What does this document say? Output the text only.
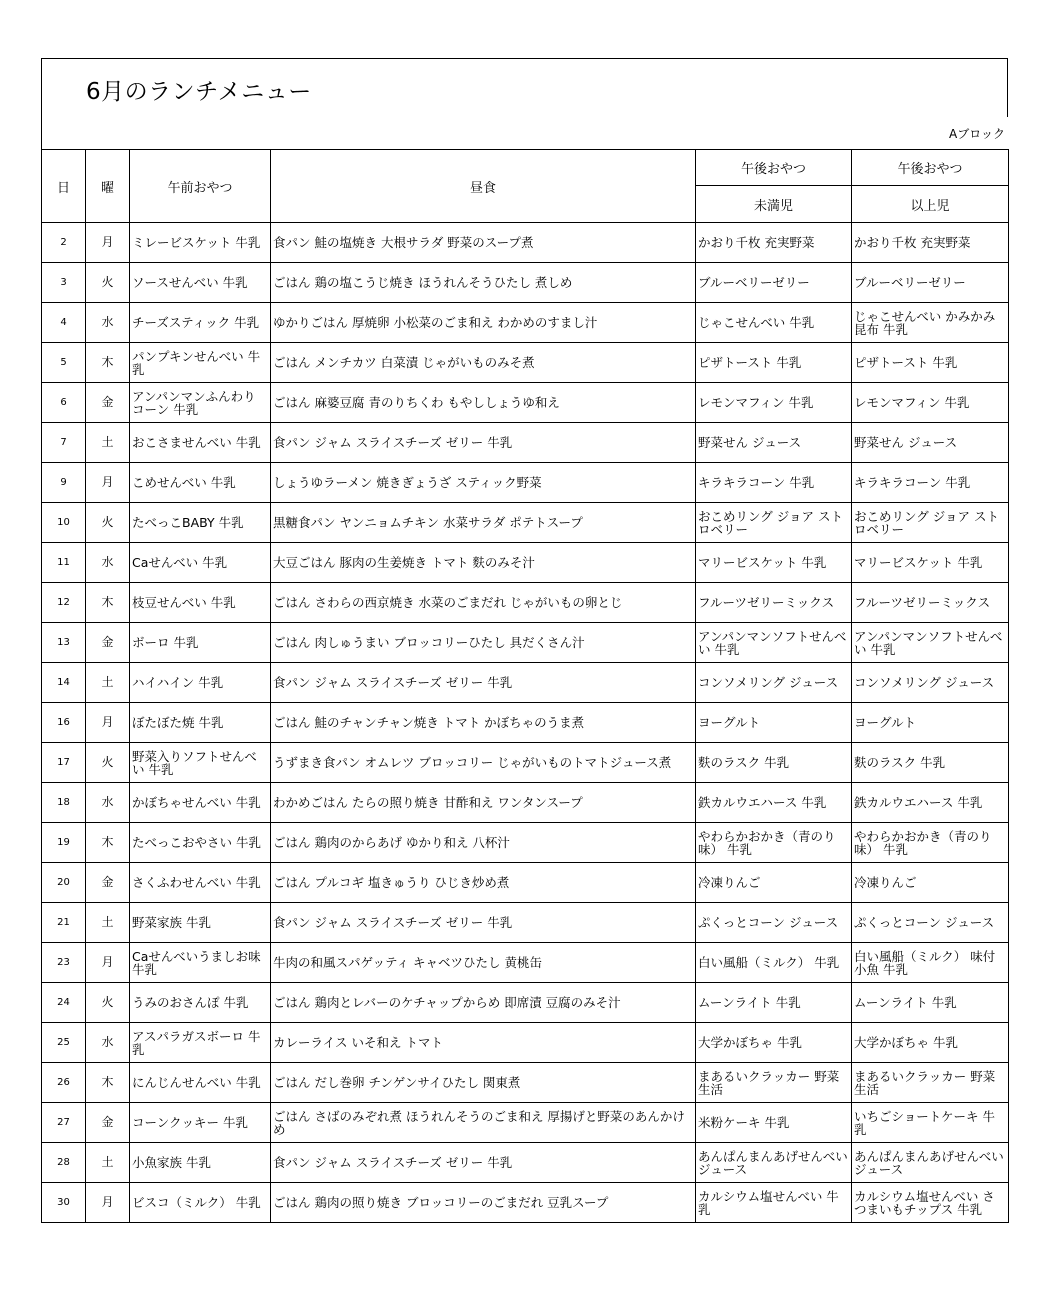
6月のランチメニュー
Aブロック
日	曜	午前おやつ	昼食	午後おやつ	午後おやつ
				未満児	以上児
2	月	ミレービスケット 牛乳	食パン 鮭の塩焼き 大根サラダ 野菜のスープ煮	かおり千枚 充実野菜	かおり千枚 充実野菜
3	火	ソースせんべい 牛乳	ごはん 鶏の塩こうじ焼き ほうれんそうひたし 煮しめ	ブルーベリーゼリー	ブルーベリーゼリー
4	水	チーズスティック 牛乳	ゆかりごはん 厚焼卵 小松菜のごま和え わかめのすまし汁	じゃこせんべい 牛乳	じゃこせんべい かみかみ昆布 牛乳
5	木	パンプキンせんべい 牛乳	ごはん メンチカツ 白菜漬 じゃがいものみそ煮	ピザトースト 牛乳	ピザトースト 牛乳
6	金	アンパンマンふんわりコーン 牛乳	ごはん 麻婆豆腐 青のりちくわ もやししょうゆ和え	レモンマフィン 牛乳	レモンマフィン 牛乳
7	土	おこさませんべい 牛乳	食パン ジャム スライスチーズ ゼリー 牛乳	野菜せん ジュース	野菜せん ジュース
9	月	こめせんべい 牛乳	しょうゆラーメン 焼きぎょうざ スティック野菜	キラキラコーン 牛乳	キラキラコーン 牛乳
10	火	たべっこBABY 牛乳	黒糖食パン ヤンニョムチキン 水菜サラダ ポテトスープ	おこめリング ジョア ストロベリー	おこめリング ジョア ストロベリー
11	水	Caせんべい 牛乳	大豆ごはん 豚肉の生姜焼き トマト 麩のみそ汁	マリービスケット 牛乳	マリービスケット 牛乳
12	木	枝豆せんべい 牛乳	ごはん さわらの西京焼き 水菜のごまだれ じゃがいもの卵とじ	フルーツゼリーミックス	フルーツゼリーミックス
13	金	ボーロ 牛乳	ごはん 肉しゅうまい ブロッコリーひたし 具だくさん汁	アンパンマンソフトせんべい 牛乳	アンパンマンソフトせんべい 牛乳
14	土	ハイハイン 牛乳	食パン ジャム スライスチーズ ゼリー 牛乳	コンソメリング ジュース	コンソメリング ジュース
16	月	ぼたぼた焼 牛乳	ごはん 鮭のチャンチャン焼き トマト かぼちゃのうま煮	ヨーグルト	ヨーグルト
17	火	野菜入りソフトせんべい 牛乳	うずまき食パン オムレツ ブロッコリー じゃがいものトマトジュース煮	麩のラスク 牛乳	麩のラスク 牛乳
18	水	かぼちゃせんべい 牛乳	わかめごはん たらの照り焼き 甘酢和え ワンタンスープ	鉄カルウエハース 牛乳	鉄カルウエハース 牛乳
19	木	たべっこおやさい 牛乳	ごはん 鶏肉のからあげ ゆかり和え 八杯汁	やわらかおかき（青のり味） 牛乳	やわらかおかき（青のり味） 牛乳
20	金	さくふわせんべい 牛乳	ごはん プルコギ 塩きゅうり ひじき炒め煮	冷凍りんご	冷凍りんご
21	土	野菜家族 牛乳	食パン ジャム スライスチーズ ゼリー 牛乳	ぷくっとコーン ジュース	ぷくっとコーン ジュース
23	月	Caせんべいうましお味 牛乳	牛肉の和風スパゲッティ キャベツひたし 黄桃缶	白い風船（ミルク） 牛乳	白い風船（ミルク） 味付小魚 牛乳
24	火	うみのおさんぽ 牛乳	ごはん 鶏肉とレバーのケチャップからめ 即席漬 豆腐のみそ汁	ムーンライト 牛乳	ムーンライト 牛乳
25	水	アスパラガスボーロ 牛乳	カレーライス いそ和え トマト	大学かぼちゃ 牛乳	大学かぼちゃ 牛乳
26	木	にんじんせんべい 牛乳	ごはん だし巻卵 チンゲンサイひたし 関東煮	まあるいクラッカー 野菜生活	まあるいクラッカー 野菜生活
27	金	コーンクッキー 牛乳	ごはん さばのみぞれ煮 ほうれんそうのごま和え 厚揚げと野菜のあんかけめ	米粉ケーキ 牛乳	いちごショートケーキ 牛乳
28	土	小魚家族 牛乳	食パン ジャム スライスチーズ ゼリー 牛乳	あんぱんまんあげせんべいジュース	あんぱんまんあげせんべいジュース
30	月	ビスコ（ミルク） 牛乳	ごはん 鶏肉の照り焼き ブロッコリーのごまだれ 豆乳スープ	カルシウム塩せんべい 牛乳	カルシウム塩せんべい さつまいもチップス 牛乳
